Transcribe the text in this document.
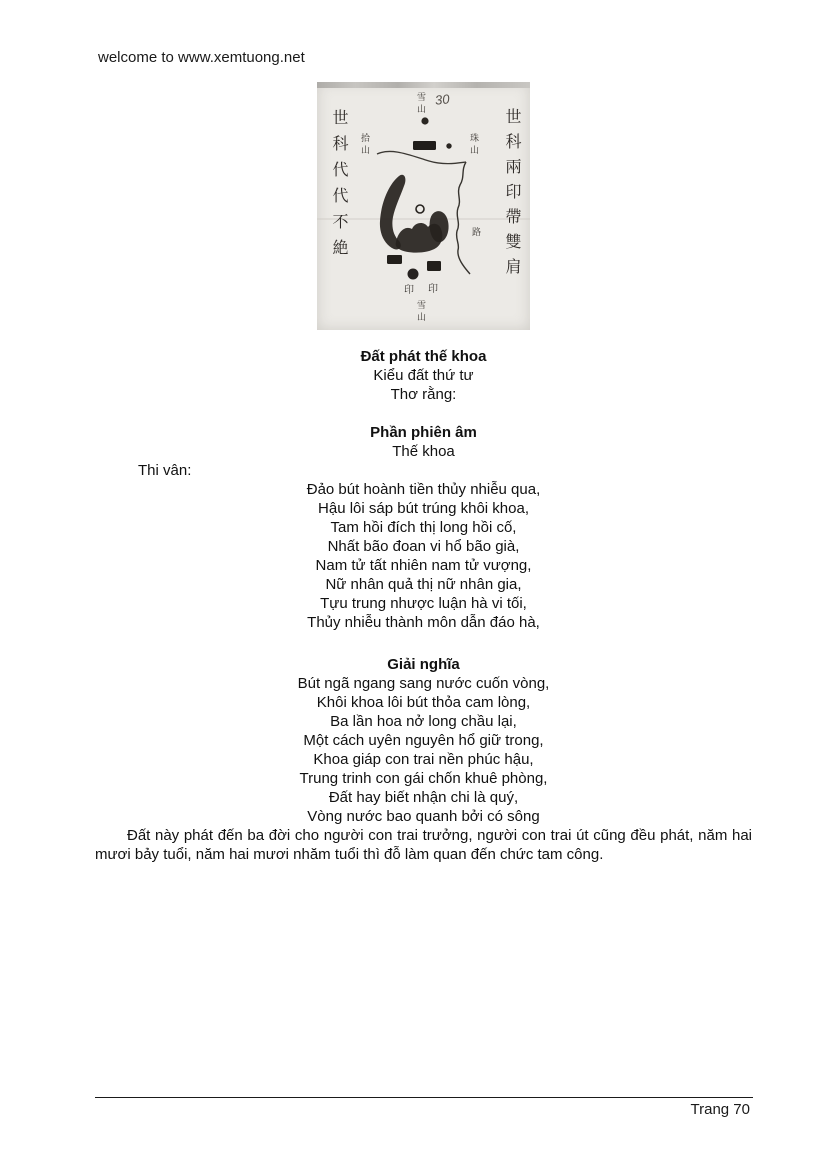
welcome to www.xemtuong.net
世科兩印帶雙肩
世科代代不絶
雪山 30
拾山	珠山
路
印 印
雪山
Đất phát thế khoa
Kiểu đất thứ tư
Thơ rằng:
Phần phiên âm
Thế khoa
Thi vân:
Đảo bút hoành tiền thủy nhiễu qua,
Hậu lôi sáp bút trúng khôi khoa,
Tam hồi đích thị long hồi cố,
Nhất bão đoan vi hổ bão già,
Nam tử tất nhiên nam tử vượng,
Nữ nhân quả thị nữ nhân gia,
Tựu trung nhược luận hà vi tối,
Thủy nhiễu thành môn dẫn đáo hà,
Giải nghĩa
Bút ngã ngang sang nước cuốn vòng,
Khôi khoa lôi bút thỏa cam lòng,
Ba lần hoa nở long chầu lại,
Một cách uyên nguyên hổ giữ trong,
Khoa giáp con trai nền phúc hậu,
Trung trinh con gái chốn khuê phòng,
Đất hay biết nhận chi là quý,
Vòng nước bao quanh bởi có sông
Đất này phát đến ba đời cho người con trai trưởng, người con trai út cũng đều phát, năm hai mươi bảy tuổi, năm hai mươi nhăm tuổi thì đỗ làm quan đến chức tam công.
Trang 70
